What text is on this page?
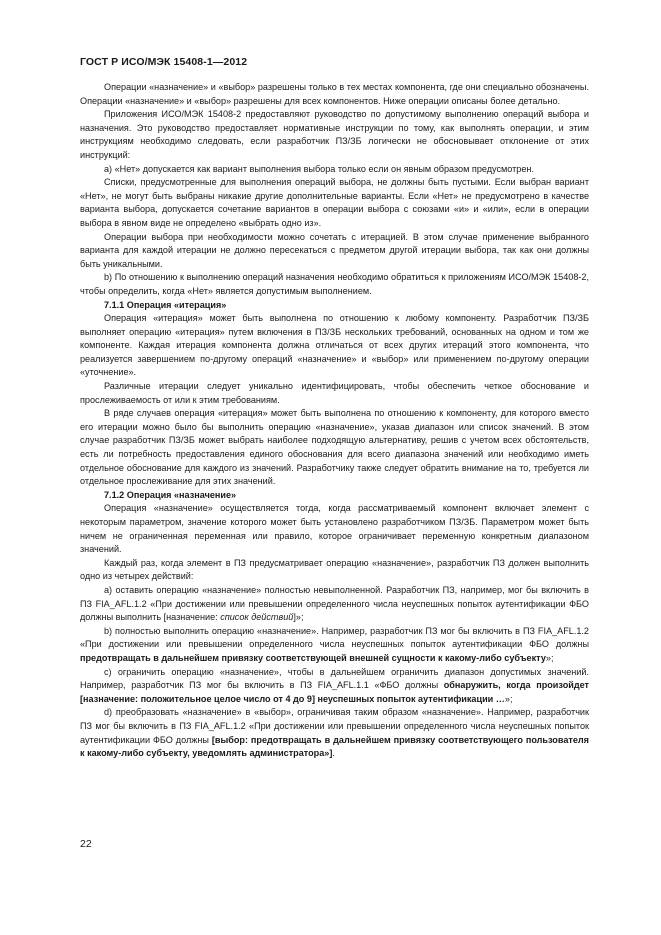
ГОСТ Р ИСО/МЭК 15408-1—2012

Операции «назначение» и «выбор» разрешены только в тех местах компонента, где они специально обозначены. Операции «назначение» и «выбор» разрешены для всех компонентов. Ниже операции описаны более детально.

Приложения ИСО/МЭК 15408-2 предоставляют руководство по допустимому выполнению операций выбора и назначения. Это руководство предоставляет нормативные инструкции по тому, как выполнять операции, и этим инструкциям необходимо следовать, если разработчик ПЗ/ЗБ логически не обосновывает отклонение от этих инструкций:

a) «Нет» допускается как вариант выполнения выбора только если он явным образом предусмотрен.

Списки, предусмотренные для выполнения операций выбора, не должны быть пустыми. Если выбран вариант «Нет», не могут быть выбраны никакие другие дополнительные варианты. Если «Нет» не предусмотрено в качестве варианта выбора, допускается сочетание вариантов в операции выбора с союзами «и» и «или», если в операции выбора в явном виде не определено «выбрать одно из».

Операции выбора при необходимости можно сочетать с итерацией. В этом случае применение выбранного варианта для каждой итерации не должно пересекаться с предметом другой итерации выбора, так как они должны быть уникальными.

b) По отношению к выполнению операций назначения необходимо обратиться к приложениям ИСО/МЭК 15408-2, чтобы определить, когда «Нет» является допустимым выполнением.

7.1.1 Операция «итерация»

Операция «итерация» может быть выполнена по отношению к любому компоненту. Разработчик ПЗ/ЗБ выполняет операцию «итерация» путем включения в ПЗ/ЗБ нескольких требований, основанных на одном и том же компоненте. Каждая итерация компонента должна отличаться от всех других итераций этого компонента, что реализуется завершением по-другому операций «назначение» и «выбор» или применением по-другому операции «уточнение».

Различные итерации следует уникально идентифицировать, чтобы обеспечить четкое обоснование и прослеживаемость от или к этим требованиям.

В ряде случаев операция «итерация» может быть выполнена по отношению к компоненту, для которого вместо его итерации можно было бы выполнить операцию «назначение», указав диапазон или список значений. В этом случае разработчик ПЗ/ЗБ может выбрать наиболее подходящую альтернативу, решив с учетом всех обстоятельств, есть ли потребность предоставления единого обоснования для всего диапазона значений или необходимо иметь отдельное обоснование для каждого из значений. Разработчику также следует обратить внимание на то, требуется ли отдельное прослеживание для этих значений.

7.1.2 Операция «назначение»

Операция «назначение» осуществляется тогда, когда рассматриваемый компонент включает элемент с некоторым параметром, значение которого может быть установлено разработчиком ПЗ/ЗБ. Параметром может быть ничем не ограниченная переменная или правило, которое ограничивает переменную конкретным диапазоном значений.

Каждый раз, когда элемент в ПЗ предусматривает операцию «назначение», разработчик ПЗ должен выполнить одно из четырех действий:

а) оставить операцию «назначение» полностью невыполненной. Разработчик ПЗ, например, мог бы включить в ПЗ FIA_AFL.1.2 «При достижении или превышении определенного числа неуспешных попыток аутентификации ФБО должны выполнить [назначение: список действий]»;

b) полностью выполнить операцию «назначение». Например, разработчик ПЗ мог бы включить в ПЗ FIA_AFL.1.2 «При достижении или превышении определенного числа неуспешных попыток аутентификации ФБО должны предотвращать в дальнейшем привязку соответствующей внешней сущности к какому-либо субъекту»;

c) ограничить операцию «назначение», чтобы в дальнейшем ограничить диапазон допустимых значений. Например, разработчик ПЗ мог бы включить в ПЗ FIA_AFL.1.1 «ФБО должны обнаружить, когда произойдет [назначение: положительное целое число от 4 до 9] неуспешных попыток аутентификации …»;

d) преобразовать «назначение» в «выбор», ограничивая таким образом «назначение». Например, разработчик ПЗ мог бы включить в ПЗ FIA_AFL.1.2 «При достижении или превышении определенного числа неуспешных попыток аутентификации ФБО должны [выбор: предотвращать в дальнейшем привязку соответствующего пользователя к какому-либо субъекту, уведомлять администратора»].

22
